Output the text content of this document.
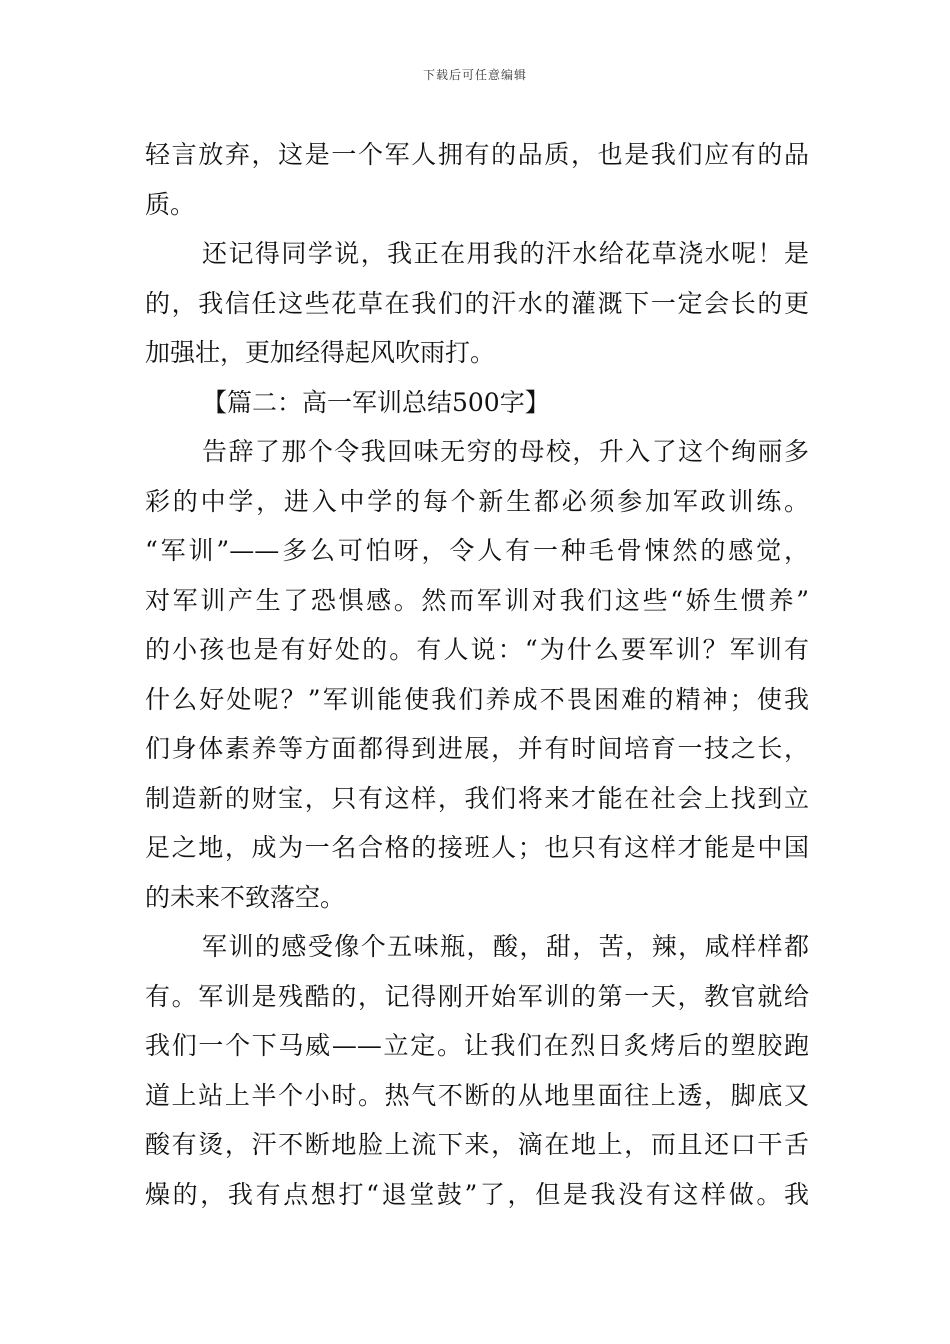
下载后可任意编辑
轻言放弃，这是一个军人拥有的品质，也是我们应有的品
质。
还记得同学说，我正在用我的汗水给花草浇水呢！是
的，我信任这些花草在我们的汗水的灌溉下一定会长的更
加强壮，更加经得起风吹雨打。
【篇二：高一军训总结500字】
告辞了那个令我回味无穷的母校，升入了这个绚丽多
彩的中学，进入中学的每个新生都必须参加军政训练。
“军训”——多么可怕呀，令人有一种毛骨悚然的感觉，
对军训产生了恐惧感。然而军训对我们这些“娇生惯养”
的小孩也是有好处的。有人说：“为什么要军训？军训有
什么好处呢？”军训能使我们养成不畏困难的精神；使我
们身体素养等方面都得到进展，并有时间培育一技之长，
制造新的财宝，只有这样，我们将来才能在社会上找到立
足之地，成为一名合格的接班人；也只有这样才能是中国
的未来不致落空。
军训的感受像个五味瓶，酸，甜，苦，辣，咸样样都
有。军训是残酷的，记得刚开始军训的第一天，教官就给
我们一个下马威——立定。让我们在烈日炙烤后的塑胶跑
道上站上半个小时。热气不断的从地里面往上透，脚底又
酸有烫，汗不断地脸上流下来，滴在地上，而且还口干舌
燥的，我有点想打“退堂鼓”了，但是我没有这样做。我
